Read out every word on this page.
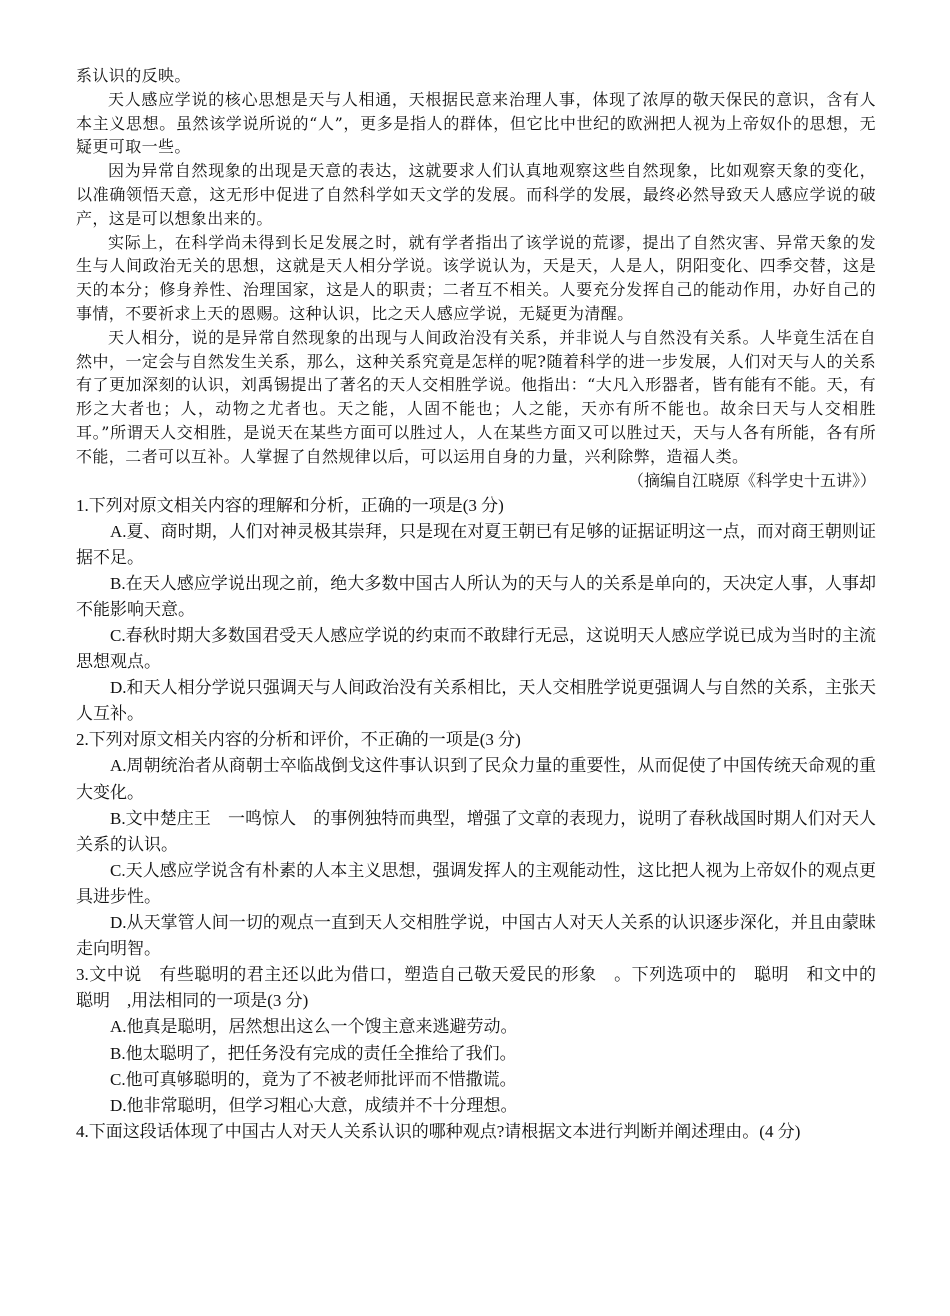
系认识的反映。

天人感应学说的核心思想是天与人相通，天根据民意来治理人事，体现了浓厚的敬天保民的意识，含有人本主义思想。虽然该学说所说的“人”，更多是指人的群体，但它比中世纪的欧洲把人视为上帝奴仆的思想，无疑更可取一些。

因为异常自然现象的出现是天意的表达，这就要求人们认真地观察这些自然现象，比如观察天象的变化，以准确领悟天意，这无形中促进了自然科学如天文学的发展。而科学的发展，最终必然导致天人感应学说的破产，这是可以想象出来的。

实际上，在科学尚未得到长足发展之时，就有学者指出了该学说的荒谬，提出了自然灾害、异常天象的发生与人间政治无关的思想，这就是天人相分学说。该学说认为，天是天，人是人，阴阳变化、四季交替，这是天的本分；修身养性、治理国家，这是人的职责；二者互不相关。人要充分发挥自己的能动作用，办好自己的事情，不要祈求上天的恩赐。这种认识，比之天人感应学说，无疑更为清醒。

天人相分，说的是异常自然现象的出现与人间政治没有关系，并非说人与自然没有关系。人毕竟生活在自然中，一定会与自然发生关系，那么，这种关系究竟是怎样的呢?随着科学的进一步发展，人们对天与人的关系有了更加深刻的认识，刘禹锡提出了著名的天人交相胜学说。他指出：“大凡入形器者，皆有能有不能。天，有形之大者也；人，动物之尤者也。天之能，人固不能也；人之能，天亦有所不能也。故余曰天与人交相胜耳。”所谓天人交相胜，是说天在某些方面可以胜过人，人在某些方面又可以胜过天，天与人各有所能，各有所不能，二者可以互补。人掌握了自然规律以后，可以运用自身的力量，兴利除弊，造福人类。

（摘编自江晓原《科学史十五讲》）

1.下列对原文相关内容的理解和分析，正确的一项是(3 分)

A.夏、商时期，人们对神灵极其崇拜，只是现在对夏王朝已有足够的证据证明这一点，而对商王朝则证据不足。

B.在天人感应学说出现之前，绝大多数中国古人所认为的天与人的关系是单向的，天决定人事，人事却不能影响天意。

C.春秋时期大多数国君受天人感应学说的约束而不敢肆行无忌，这说明天人感应学说已成为当时的主流思想观点。

D.和天人相分学说只强调天与人间政治没有关系相比，天人交相胜学说更强调人与自然的关系，主张天人互补。

2.下列对原文相关内容的分析和评价，不正确的一项是(3 分)

A.周朝统治者从商朝士卒临战倒戈这件事认识到了民众力量的重要性，从而促使了中国传统天命观的重大变化。

B.文中楚庄王　一鸣惊人　的事例独特而典型，增强了文章的表现力，说明了春秋战国时期人们对天人关系的认识。

C.天人感应学说含有朴素的人本主义思想，强调发挥人的主观能动性，这比把人视为上帝奴仆的观点更具进步性。

D.从天掌管人间一切的观点一直到天人交相胜学说，中国古人对天人关系的认识逐步深化，并且由蒙昧走向明智。

3.文中说　有些聪明的君主还以此为借口，塑造自己敬天爱民的形象　。下列选项中的　聪明　和文中的　聪明　,用法相同的一项是(3 分)

A.他真是聪明，居然想出这么一个馊主意来逃避劳动。

B.他太聪明了，把任务没有完成的责任全推给了我们。

C.他可真够聪明的，竟为了不被老师批评而不惜撒谎。

D.他非常聪明，但学习粗心大意，成绩并不十分理想。

4.下面这段话体现了中国古人对天人关系认识的哪种观点?请根据文本进行判断并阐述理由。(4 分)
